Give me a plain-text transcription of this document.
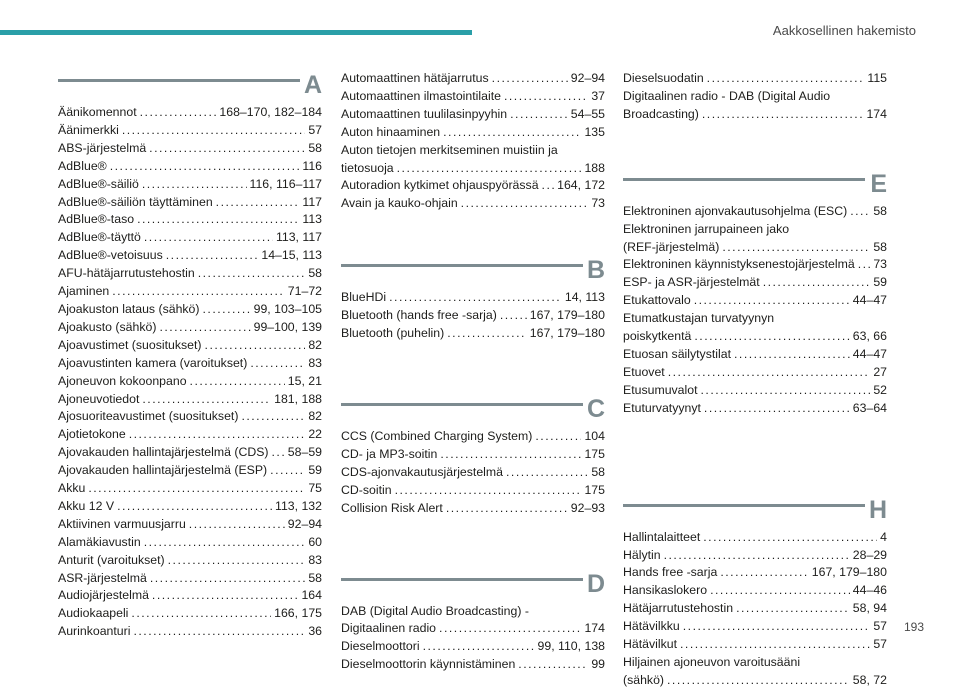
Aakkosellinen hakemisto
A
Äänikomennot .....	168–170, 182–184
Äänimerkki .....	57
ABS-järjestelmä .....	58
AdBlue® .....	116
AdBlue®-säiliö .....	116, 116–117
AdBlue®-säiliön täyttäminen .....	117
AdBlue®-taso .....	113
AdBlue®-täyttö .....	113, 117
AdBlue®-vetoisuus .....	14–15, 113
AFU-hätäjarrutustehostin .....	58
Ajaminen .....	71–72
Ajoakuston lataus (sähkö) .....	99, 103–105
Ajoakusto (sähkö) .....	99–100, 139
Ajoavustimet (suositukset) .....	82
Ajoavustinten kamera (varoitukset) .....	83
Ajoneuvon kokoonpano .....	15, 21
Ajoneuvotiedot .....	181, 188
Ajosuoriteavustimet (suositukset) .....	82
Ajotietokone .....	22
Ajovakauden hallintajärjestelmä (CDS) ..... 58–59
Ajovakauden hallintajärjestelmä (ESP) .....	59
Akku .....	75
Akku 12 V .....	113, 132
Aktiivinen varmuusjarru .....	92–94
Alamäkiavustin .....	60
Anturit (varoitukset) .....	83
ASR-järjestelmä .....	58
Audiojärjestelmä .....	164
Audiokaapeli .....	166, 175
Aurinkoanturi .....	36
Automaattinen hätäjarrutus .....	92–94
Automaattinen ilmastointilaite .....	37
Automaattinen tuulilasinpyyhin .....	54–55
Auton hinaaminen .....	135
Auton tietojen merkitseminen muistiin ja
tietosuoja .....	188
Autoradion kytkimet ohjauspyörässä ..... 164, 172
Avain ja kauko-ohjain .....	73
B
BlueHDi .....	14, 113
Bluetooth (hands free -sarja) .....	167, 179–180
Bluetooth (puhelin) .....	167, 179–180
C
CCS (Combined Charging System) .....	104
CD- ja MP3-soitin .....	175
CDS-ajonvakautusjärjestelmä .....	58
CD-soitin .....	175
Collision Risk Alert .....	92–93
D
DAB (Digital Audio Broadcasting) -
Digitaalinen radio .....	174
Dieselmoottori .....	99, 110, 138
Dieselmoottorin käynnistäminen .....	99
Dieselsuodatin .....	115
Digitaalinen radio - DAB (Digital Audio
Broadcasting) .....	174
E
Elektroninen ajonvakautusohjelma (ESC) ..... 58
Elektroninen jarrupaineen jako
(REF-järjestelmä) .....	58
Elektroninen käynnistyksenestojärjestelmä ..... 73
ESP- ja ASR-järjestelmät .....	59
Etukattovalo .....	44–47
Etumatkustajan turvatyynyn
poiskytkentä .....	63, 66
Etuosan säilytystilat .....	44–47
Etuovet .....	27
Etusumuvalot .....	52
Etuturvatyynyt .....	63–64
H
Hallintalaitteet .....	4
Hälytin .....	28–29
Hands free -sarja .....	167, 179–180
Hansikaslokero .....	44–46
Hätäjarrutustehostin .....	58, 94
Hätävilkku .....	57
Hätävilkut .....	57
Hiljainen ajoneuvon varoitusääni
(sähkö) .....	58, 72
193
